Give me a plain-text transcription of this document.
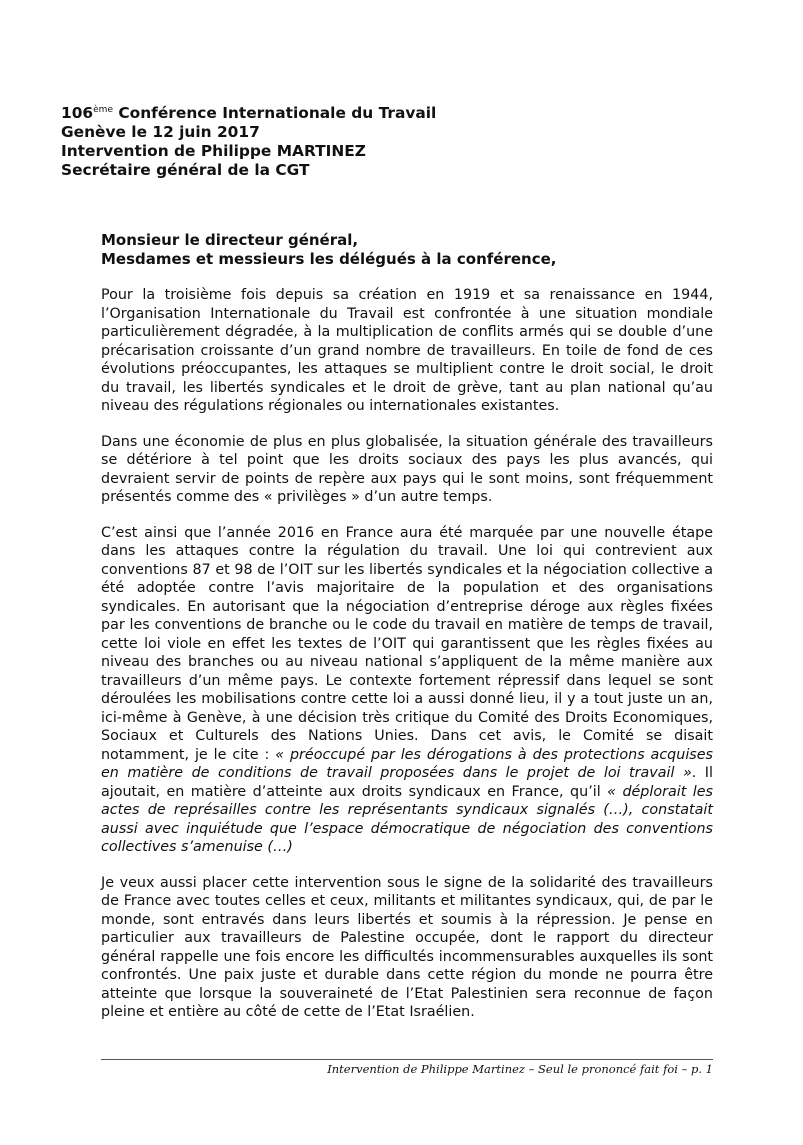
106ème Conférence Internationale du Travail
Genève le 12 juin 2017
Intervention de Philippe MARTINEZ
Secrétaire général de la CGT
Monsieur le directeur général,
Mesdames et messieurs les délégués à la conférence,

Pour la troisième fois depuis sa création en 1919 et sa renaissance en 1944, l’Organisation Internationale du Travail est confrontée à une situation mondiale particulièrement dégradée, à la multiplication de conflits armés qui se double d’une précarisation croissante d’un grand nombre de travailleurs. En toile de fond de ces évolutions préoccupantes, les attaques se multiplient contre le droit social, le droit du travail, les libertés syndicales et le droit de grève, tant au plan national qu’au niveau des régulations régionales ou internationales existantes.

Dans une économie de plus en plus globalisée, la situation générale des travailleurs se détériore à tel point que les droits sociaux des pays les plus avancés, qui devraient servir de points de repère aux pays qui le sont moins, sont fréquemment présentés comme des « privilèges » d’un autre temps.

C’est ainsi que l’année 2016 en France aura été marquée par une nouvelle étape dans les attaques contre la régulation du travail. Une loi qui contrevient aux conventions 87 et 98 de l’OIT sur les libertés syndicales et la négociation collective a été adoptée contre l’avis majoritaire de la population et des organisations syndicales. En autorisant que la négociation d’entreprise déroge aux règles fixées par les conventions de branche ou le code du travail en matière de temps de travail, cette loi viole en effet les textes de l’OIT qui garantissent que les règles fixées au niveau des branches ou au niveau national s’appliquent de la même manière aux travailleurs d’un même pays. Le contexte fortement répressif dans lequel se sont déroulées les mobilisations contre cette loi a aussi donné lieu, il y a tout juste un an, ici-même à Genève, à une décision très critique du Comité des Droits Economiques, Sociaux et Culturels des Nations Unies. Dans cet avis, le Comité se disait notamment, je le cite : « préoccupé par les dérogations à des protections acquises en matière de conditions de travail proposées dans le projet de loi travail ». Il ajoutait, en matière d’atteinte aux droits syndicaux en France, qu’il « déplorait les actes de représailles contre les représentants syndicaux signalés (…), constatait aussi avec inquiétude que l’espace démocratique de négociation des conventions collectives s’amenuise (…)

Je veux aussi placer cette intervention sous le signe de la solidarité des travailleurs de France avec toutes celles et ceux, militants et militantes syndicaux, qui, de par le monde, sont entravés dans leurs libertés et soumis à la répression. Je pense en particulier aux travailleurs de Palestine occupée, dont le rapport du directeur général rappelle une fois encore les difficultés incommensurables auxquelles ils sont confrontés. Une paix juste et durable dans cette région du monde ne pourra être atteinte que lorsque la souveraineté de l’Etat Palestinien sera reconnue de façon pleine et entière au côté de cette de l’Etat Israélien.

Intervention de Philippe Martinez – Seul le prononcé fait foi – p. 1
